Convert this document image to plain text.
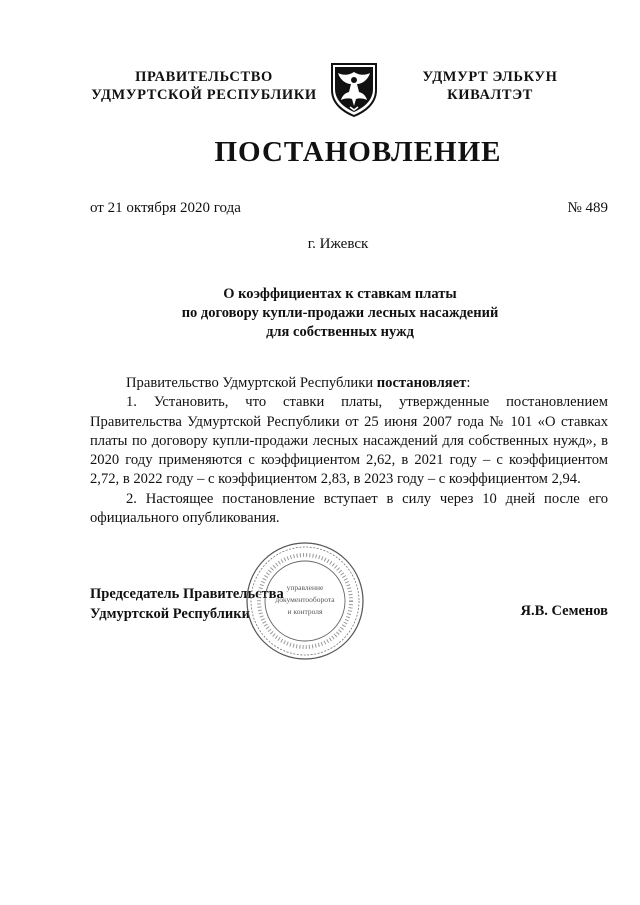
ПРАВИТЕЛЬСТВО
УДМУРТСКОЙ РЕСПУБЛИКИ
УДМУРТ ЭЛЬКУН
КИВАЛТЭТ
ПОСТАНОВЛЕНИЕ
от 21 октября 2020 года	№ 489
г. Ижевск
О коэффициентах к ставкам платы
по договору купли-продажи лесных насаждений
для собственных нужд

Правительство Удмуртской Республики постановляет:

1. Установить, что ставки платы, утвержденные постановлением Правительства Удмуртской Республики от 25 июня 2007 года № 101 «О ставках платы по договору купли-продажи лесных насаждений для собственных нужд», в 2020 году применяются с коэффициентом 2,62, в 2021 году – с коэффициентом 2,72, в 2022 году – с коэффициентом 2,83, в 2023 году – с коэффициентом 2,94.

2. Настоящее постановление вступает в силу через 10 дней после его официального опубликования.

Председатель Правительства
Удмуртской Республики
управление
документооборота
и контроля	Я.В. Семенов
